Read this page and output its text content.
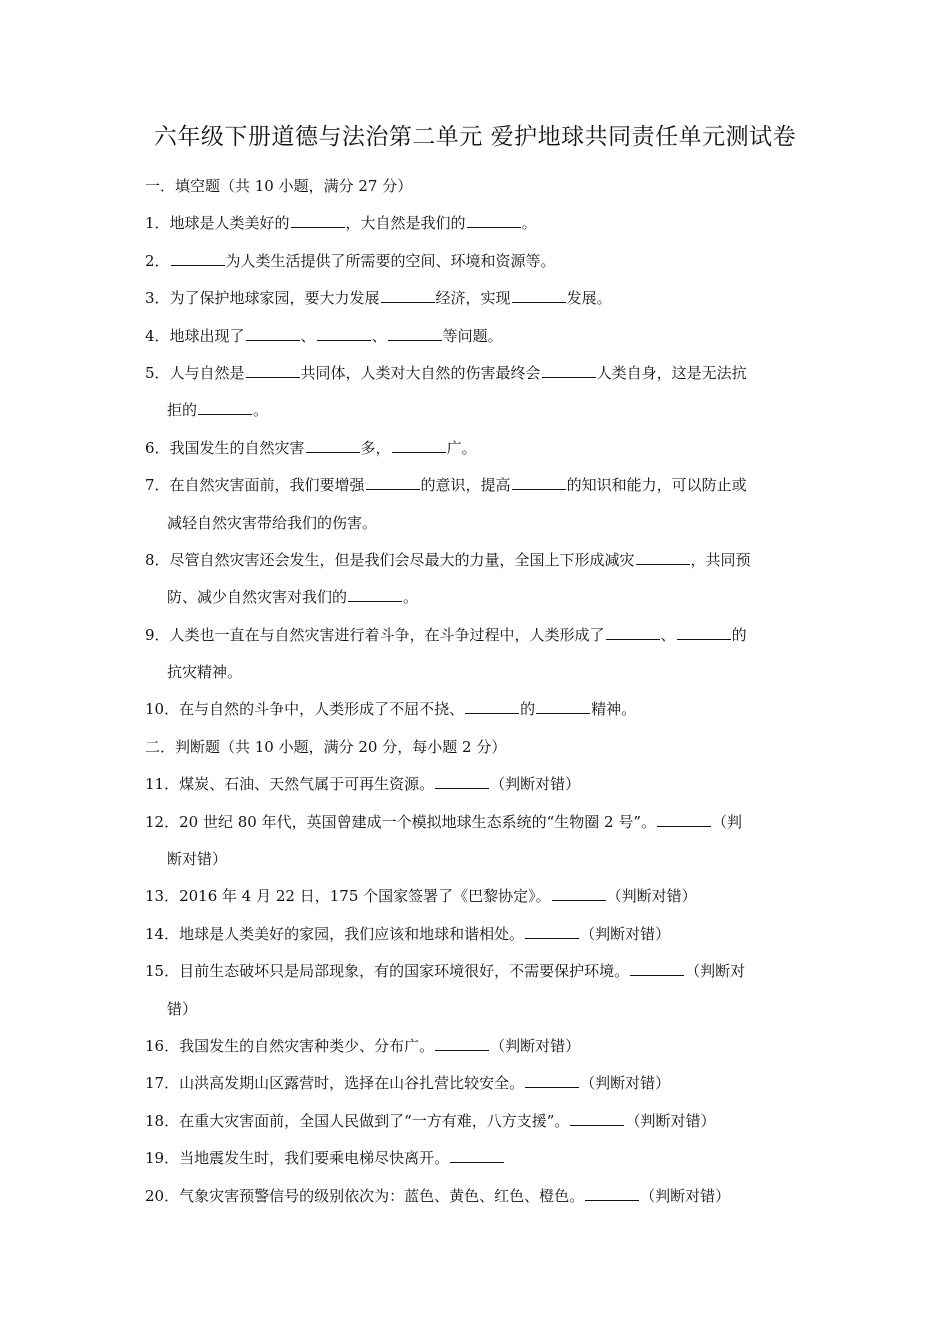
六年级下册道德与法治第二单元 爱护地球共同责任单元测试卷
一．填空题（共 10 小题，满分 27 分）
1．地球是人类美好的	，大自然是我们的	。
2．	为人类生活提供了所需要的空间、环境和资源等。
3．为了保护地球家园，要大力发展	经济，实现	发展。
4．地球出现了	、	、	等问题。
5．人与自然是	共同体，人类对大自然的伤害最终会	人类自身，这是无法抗
拒的	。
6．我国发生的自然灾害	多，	广。
7．在自然灾害面前，我们要增强	的意识，提高	的知识和能力，可以防止或
减轻自然灾害带给我们的伤害。
8．尽管自然灾害还会发生，但是我们会尽最大的力量，全国上下形成减灾	，共同预
防、减少自然灾害对我们的	。
9．人类也一直在与自然灾害进行着斗争，在斗争过程中，人类形成了	、	的
抗灾精神。
10．在与自然的斗争中，人类形成了不屈不挠、	的	精神。
二．判断题（共 10 小题，满分 20 分，每小题 2 分）
11．煤炭、石油、天然气属于可再生资源。	（判断对错）
12．20 世纪 80 年代，英国曾建成一个模拟地球生态系统的“生物圈 2 号”。	（判
断对错）
13．2016 年 4 月 22 日，175 个国家签署了《巴黎协定》。	（判断对错）
14．地球是人类美好的家园，我们应该和地球和谐相处。	（判断对错）
15．目前生态破坏只是局部现象，有的国家环境很好，不需要保护环境。	（判断对
错）
16．我国发生的自然灾害种类少、分布广。	（判断对错）
17．山洪高发期山区露营时，选择在山谷扎营比较安全。	（判断对错）
18．在重大灾害面前，全国人民做到了“一方有难，八方支援”。	（判断对错）
19．当地震发生时，我们要乘电梯尽快离开。
20．气象灾害预警信号的级别依次为：蓝色、黄色、红色、橙色。	（判断对错）
